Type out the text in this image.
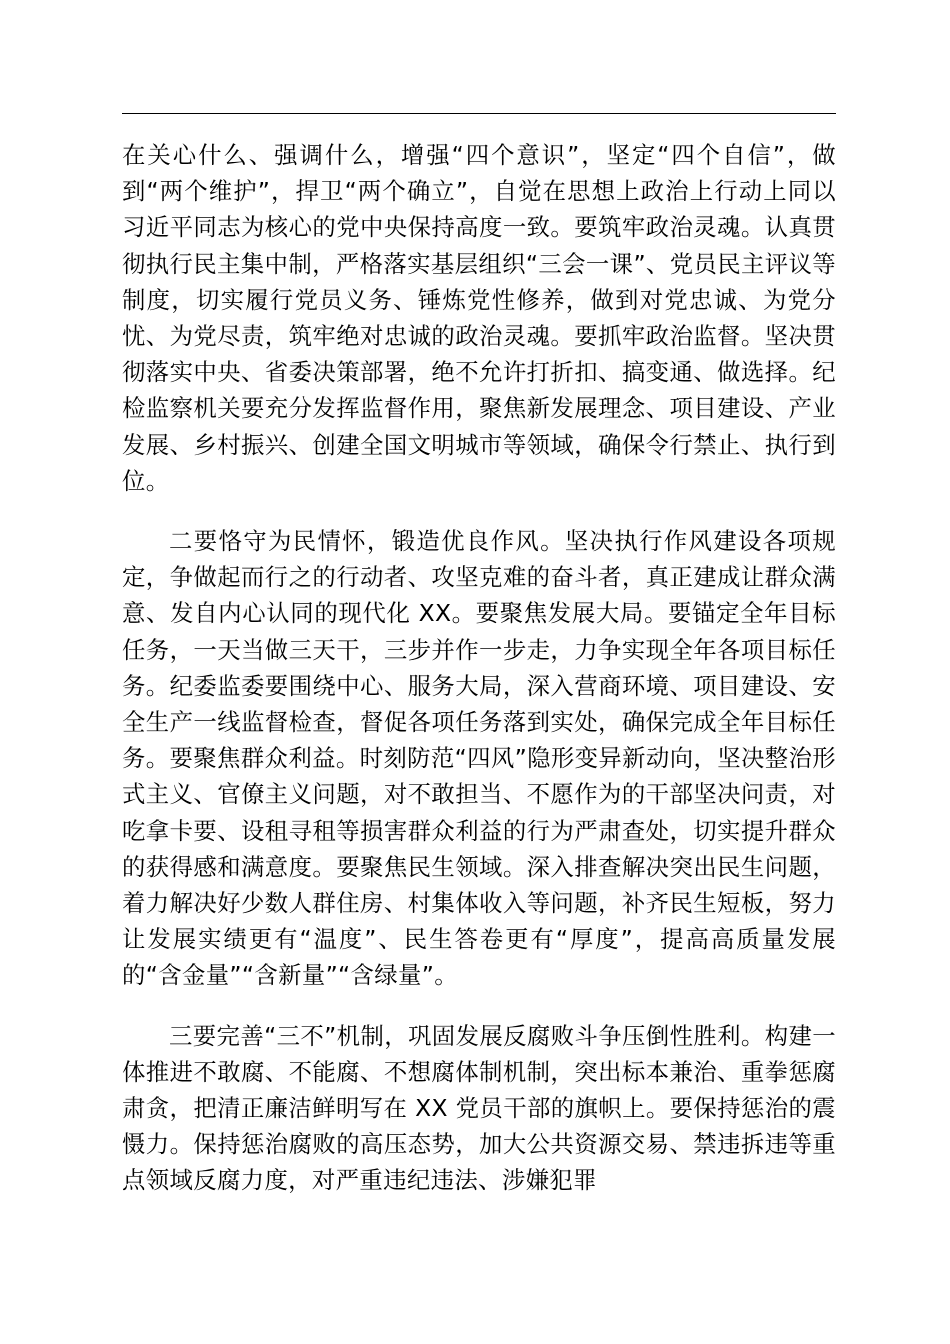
在关心什么、强调什么，增强“四个意识”，坚定“四个自信”，做到“两个维护”，捍卫“两个确立”，自觉在思想上政治上行动上同以习近平同志为核心的党中央保持高度一致。要筑牢政治灵魂。认真贯彻执行民主集中制，严格落实基层组织“三会一课”、党员民主评议等制度，切实履行党员义务、锤炼党性修养，做到对党忠诚、为党分忧、为党尽责，筑牢绝对忠诚的政治灵魂。要抓牢政治监督。坚决贯彻落实中央、省委决策部署，绝不允许打折扣、搞变通、做选择。纪检监察机关要充分发挥监督作用，聚焦新发展理念、项目建设、产业发展、乡村振兴、创建全国文明城市等领域，确保令行禁止、执行到位。

二要恪守为民情怀，锻造优良作风。坚决执行作风建设各项规定，争做起而行之的行动者、攻坚克难的奋斗者，真正建成让群众满意、发自内心认同的现代化 XX。要聚焦发展大局。要锚定全年目标任务，一天当做三天干，三步并作一步走，力争实现全年各项目标任务。纪委监委要围绕中心、服务大局，深入营商环境、项目建设、安全生产一线监督检查，督促各项任务落到实处，确保完成全年目标任务。要聚焦群众利益。时刻防范“四风”隐形变异新动向，坚决整治形式主义、官僚主义问题，对不敢担当、不愿作为的干部坚决问责，对吃拿卡要、设租寻租等损害群众利益的行为严肃查处，切实提升群众的获得感和满意度。要聚焦民生领域。深入排查解决突出民生问题，着力解决好少数人群住房、村集体收入等问题，补齐民生短板，努力让发展实绩更有“温度”、民生答卷更有“厚度”，提高高质量发展的“含金量”“含新量”“含绿量”。

三要完善“三不”机制，巩固发展反腐败斗争压倒性胜利。构建一体推进不敢腐、不能腐、不想腐体制机制，突出标本兼治、重拳惩腐肃贪，把清正廉洁鲜明写在 XX 党员干部的旗帜上。要保持惩治的震慑力。保持惩治腐败的高压态势，加大公共资源交易、禁违拆违等重点领域反腐力度，对严重违纪违法、涉嫌犯罪
